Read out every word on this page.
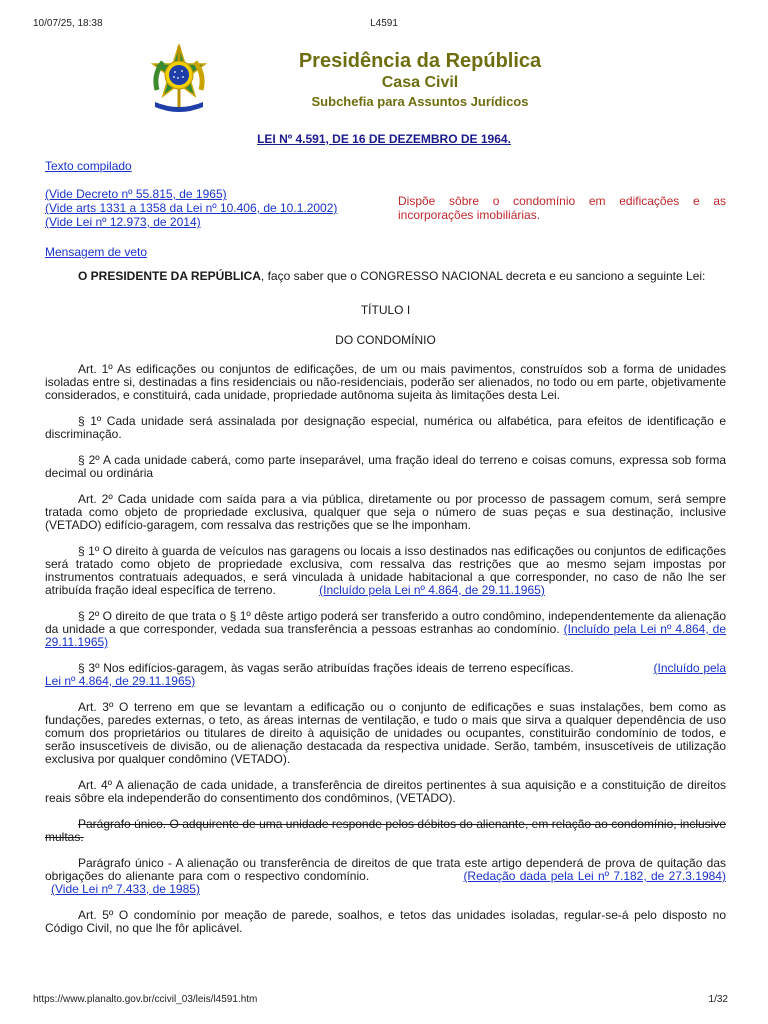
10/07/25, 18:38	L4591
Presidência da República
Casa Civil
Subchefia para Assuntos Jurídicos
LEI Nº 4.591, DE 16 DE DEZEMBRO DE 1964.
Texto compilado
(Vide Decreto nº 55.815, de 1965)
(Vide arts 1331 a 1358 da Lei nº 10.406, de 10.1.2002)
(Vide Lei nº 12.973, de 2014)
Mensagem de veto
Dispõe sôbre o condomínio em edificações e as incorporações imobiliárias.

O PRESIDENTE DA REPÚBLICA, faço saber que o CONGRESSO NACIONAL decreta e eu sanciono a seguinte Lei:

TÍTULO I

DO CONDOMÍNIO

Art. 1º As edificações ou conjuntos de edificações, de um ou mais pavimentos, construídos sob a forma de unidades isoladas entre si, destinadas a fins residenciais ou não-residenciais, poderão ser alienados, no todo ou em parte, objetivamente considerados, e constituirá, cada unidade, propriedade autônoma sujeita às limitações desta Lei.

§ 1º Cada unidade será assinalada por designação especial, numérica ou alfabética, para efeitos de identificação e discriminação.

§ 2º A cada unidade caberá, como parte inseparável, uma fração ideal do terreno e coisas comuns, expressa sob forma decimal ou ordinária

Art. 2º Cada unidade com saída para a via pública, diretamente ou por processo de passagem comum, será sempre tratada como objeto de propriedade exclusiva, qualquer que seja o número de suas peças e sua destinação, inclusive (VETADO) edifício-garagem, com ressalva das restrições que se lhe imponham.

§ 1º O direito à guarda de veículos nas garagens ou locais a isso destinados nas edificações ou conjuntos de edificações será tratado como objeto de propriedade exclusiva, com ressalva das restrições que ao mesmo sejam impostas por instrumentos contratuais adequados, e será vinculada à unidade habitacional a que corresponder, no caso de não lhe ser atribuída fração ideal específica de terreno.	(Incluído pela Lei nº 4.864, de 29.11.1965)

§ 2º O direito de que trata o § 1º dêste artigo poderá ser transferido a outro condômino, independentemente da alienação da unidade a que corresponder, vedada sua transferência a pessoas estranhas ao condomínio. (Incluído pela Lei nº 4.864, de 29.11.1965)

§ 3º Nos edifícios-garagem, às vagas serão atribuídas frações ideais de terreno específicas.	(Incluído pela Lei nº 4.864, de 29.11.1965)

Art. 3º O terreno em que se levantam a edificação ou o conjunto de edificações e suas instalações, bem como as fundações, paredes externas, o teto, as áreas internas de ventilação, e tudo o mais que sirva a qualquer dependência de uso comum dos proprietários ou titulares de direito à aquisição de unidades ou ocupantes, constituirão condomínio de todos, e serão insuscetíveis de divisão, ou de alienação destacada da respectiva unidade. Serão, também, insuscetíveis de utilização exclusiva por qualquer condômino (VETADO).

Art. 4º A alienação de cada unidade, a transferência de direitos pertinentes à sua aquisição e a constituição de direitos reais sôbre ela independerão do consentimento dos condôminos, (VETADO).

Parágrafo único. O adquirente de uma unidade responde pelos débitos do alienante, em relação ao condomínio, inclusive multas.

Parágrafo único - A alienação ou transferência de direitos de que trata este artigo dependerá de prova de quitação das obrigações do alienante para com o respectivo condomínio.	(Redação dada pela Lei nº 7.182, de 27.3.1984) (Vide Lei nº 7.433, de 1985)

Art. 5º O condomínio por meação de parede, soalhos, e tetos das unidades isoladas, regular-se-á pelo disposto no Código Civil, no que lhe fôr aplicável.

https://www.planalto.gov.br/ccivil_03/leis/l4591.htm	1/32
